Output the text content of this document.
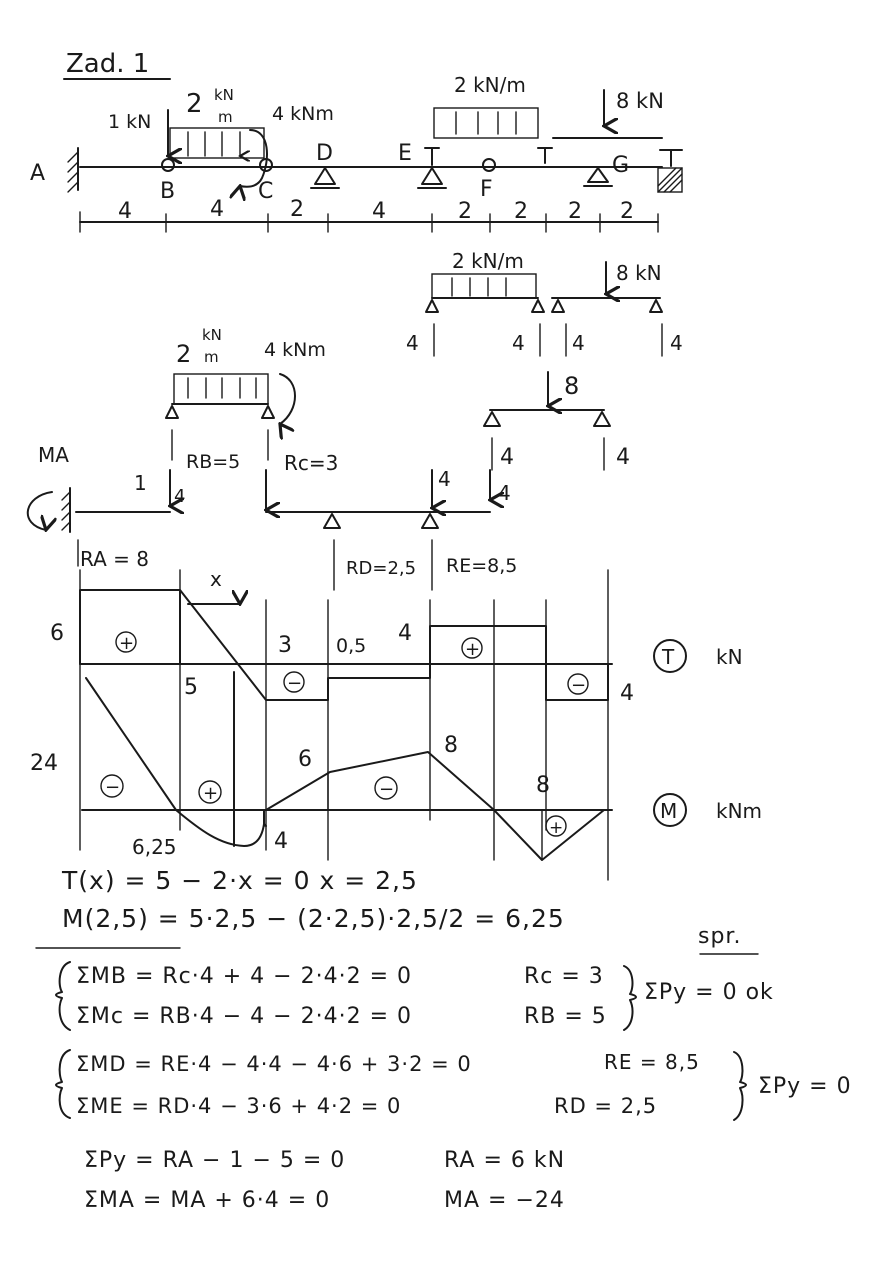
Zad. 1
A
B	C
D	E
F
G
1 kN
2 kN
m 4 kNm
2 kN/m
8 kN
4	4	2	4	2 2 2 2
2 kN/m	8 kN
4	4 4	4
8
4	4
4
4
2
kN
m 4 kNm
RB=5 Rc=3
1
4
MA
RA = 8	RD=2,5 RE=8,5
6
5
3 0,5 4
4
x
+
−
+
−
T kN
24
6,25	4
6
8
8
−	+	−
+
M kNm
T(x) = 5 − 2·x = 0 x = 2,5
M(2,5) = 5·2,5 − (2·2,5)·2,5/2 = 6,25
spr.
ΣMB = Rc·4 + 4 − 2·4·2 = 0	Rc = 3
ΣMc = RB·4 − 4 − 2·4·2 = 0	RB = 5
ΣPy = 0 ok
ΣMD = RE·4 − 4·4 − 4·6 + 3·2 = 0	RE = 8,5
ΣME = RD·4 − 3·6 + 4·2 = 0	RD = 2,5
ΣPy = 0
ΣPy = RA − 1 − 5 = 0	RA = 6 kN
ΣMA = MA + 6·4 = 0	MA = −24
